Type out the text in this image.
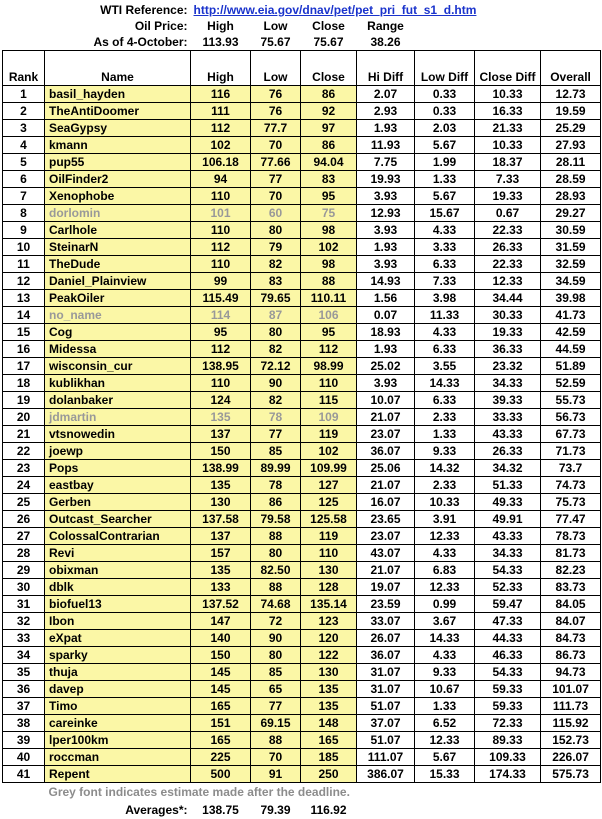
	WTI Reference:	http://www.eia.gov/dnav/pet/pet_pri_fut_s1_d.htm						
	Oil Price:	High	Low	Close	Range			
	As of 4-October:	113.93	75.67	75.67	38.26			
Rank	Name	High	Low	Close	Hi Diff	Low Diff	Close Diff	Overall
1	basil_hayden	116	76	86	2.07	0.33	10.33	12.73
2	TheAntiDoomer	111	76	92	2.93	0.33	16.33	19.59
3	SeaGypsy	112	77.7	97	1.93	2.03	21.33	25.29
4	kmann	102	70	86	11.93	5.67	10.33	27.93
5	pup55	106.18	77.66	94.04	7.75	1.99	18.37	28.11
6	OilFinder2	94	77	83	19.93	1.33	7.33	28.59
7	Xenophobe	110	70	95	3.93	5.67	19.33	28.93
8	dorlomin	101	60	75	12.93	15.67	0.67	29.27
9	Carlhole	110	80	98	3.93	4.33	22.33	30.59
10	SteinarN	112	79	102	1.93	3.33	26.33	31.59
11	TheDude	110	82	98	3.93	6.33	22.33	32.59
12	Daniel_Plainview	99	83	88	14.93	7.33	12.33	34.59
13	PeakOiler	115.49	79.65	110.11	1.56	3.98	34.44	39.98
14	no_name	114	87	106	0.07	11.33	30.33	41.73
15	Cog	95	80	95	18.93	4.33	19.33	42.59
16	Midessa	112	82	112	1.93	6.33	36.33	44.59
17	wisconsin_cur	138.95	72.12	98.99	25.02	3.55	23.32	51.89
18	kublikhan	110	90	110	3.93	14.33	34.33	52.59
19	dolanbaker	124	82	115	10.07	6.33	39.33	55.73
20	jdmartin	135	78	109	21.07	2.33	33.33	56.73
21	vtsnowedin	137	77	119	23.07	1.33	43.33	67.73
22	joewp	150	85	102	36.07	9.33	26.33	71.73
23	Pops	138.99	89.99	109.99	25.06	14.32	34.32	73.7
24	eastbay	135	78	127	21.07	2.33	51.33	74.73
25	Gerben	130	86	125	16.07	10.33	49.33	75.73
26	Outcast_Searcher	137.58	79.58	125.58	23.65	3.91	49.91	77.47
27	ColossalContrarian	137	88	119	23.07	12.33	43.33	78.73
28	Revi	157	80	110	43.07	4.33	34.33	81.73
29	obixman	135	82.50	130	21.07	6.83	54.33	82.23
30	dblk	133	88	128	19.07	12.33	52.33	83.73
31	biofuel13	137.52	74.68	135.14	23.59	0.99	59.47	84.05
32	Ibon	147	72	123	33.07	3.67	47.33	84.07
33	eXpat	140	90	120	26.07	14.33	44.33	84.73
34	sparky	150	80	122	36.07	4.33	46.33	86.73
35	thuja	145	85	130	31.07	9.33	54.33	94.73
36	davep	145	65	135	31.07	10.67	59.33	101.07
37	Timo	165	77	135	51.07	1.33	59.33	111.73
38	careinke	151	69.15	148	37.07	6.52	72.33	115.92
39	lper100km	165	88	165	51.07	12.33	89.33	152.73
40	roccman	225	70	185	111.07	5.67	109.33	226.07
41	Repent	500	91	250	386.07	15.33	174.33	575.73
	Grey font indicates estimate made after the deadline.							
	Averages*:	138.75	79.39	116.92				
